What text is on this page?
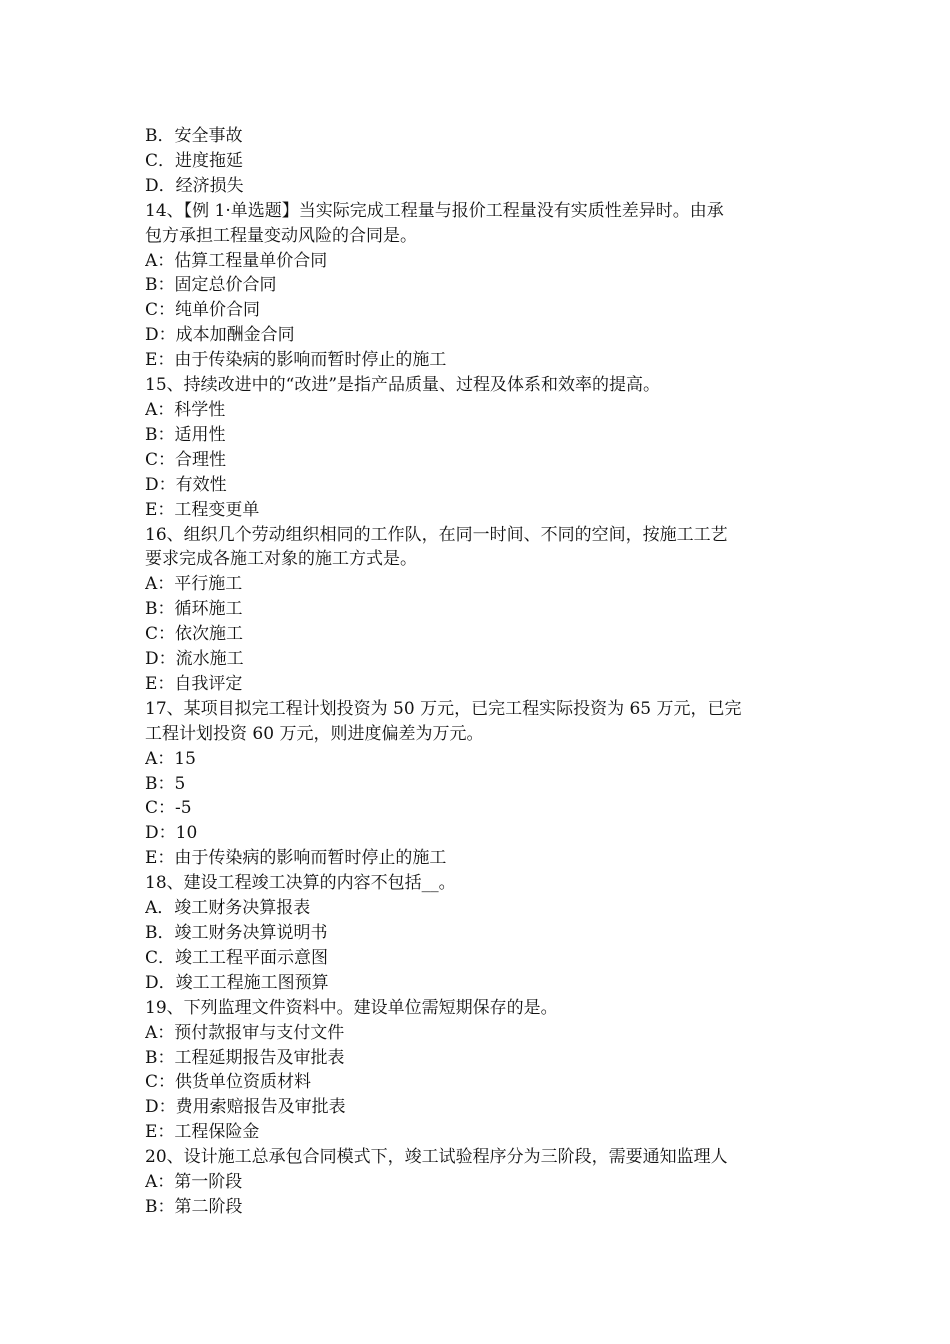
B．安全事故
C．进度拖延
D．经济损失
14、【例 1·单选题】当实际完成工程量与报价工程量没有实质性差异时。由承
包方承担工程量变动风险的合同是。
A：估算工程量单价合同
B：固定总价合同
C：纯单价合同
D：成本加酬金合同
E：由于传染病的影响而暂时停止的施工
15、持续改进中的“改进”是指产品质量、过程及体系和效率的提高。
A：科学性
B：适用性
C：合理性
D：有效性
E：工程变更单
16、组织几个劳动组织相同的工作队，在同一时间、不同的空间，按施工工艺
要求完成各施工对象的施工方式是。
A：平行施工
B：循环施工
C：依次施工
D：流水施工
E：自我评定
17、某项目拟完工程计划投资为 50 万元，已完工程实际投资为 65 万元，已完
工程计划投资 60 万元，则进度偏差为万元。
A：15
B：5
C：-5
D：10
E：由于传染病的影响而暂时停止的施工
18、建设工程竣工决算的内容不包括__。
A．竣工财务决算报表
B．竣工财务决算说明书
C．竣工工程平面示意图
D．竣工工程施工图预算
19、下列监理文件资料中。建设单位需短期保存的是。
A：预付款报审与支付文件
B：工程延期报告及审批表
C：供货单位资质材料
D：费用索赔报告及审批表
E：工程保险金
20、设计施工总承包合同模式下，竣工试验程序分为三阶段，需要通知监理人
A：第一阶段
B：第二阶段
